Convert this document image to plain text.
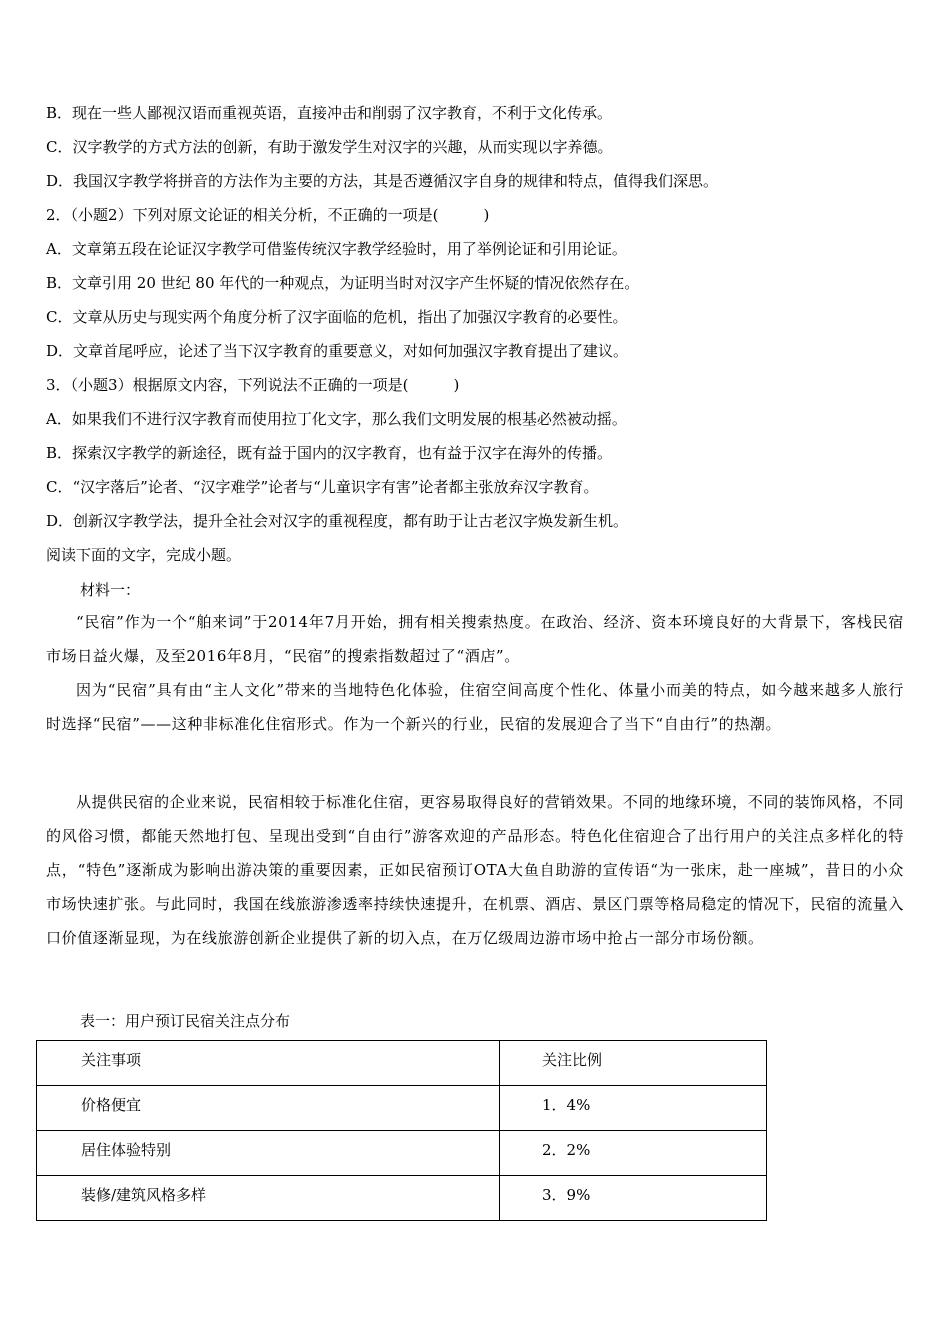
B．现在一些人鄙视汉语而重视英语，直接冲击和削弱了汉字教育，不利于文化传承。
C．汉字教学的方式方法的创新，有助于激发学生对汉字的兴趣，从而实现以字养德。
D．我国汉字教学将拼音的方法作为主要的方法，其是否遵循汉字自身的规律和特点，值得我们深思。
2．（小题2）下列对原文论证的相关分析，不正确的一项是(　　　)
A．文章第五段在论证汉字教学可借鉴传统汉字教学经验时，用了举例论证和引用论证。
B．文章引用 20 世纪 80 年代的一种观点，为证明当时对汉字产生怀疑的情况依然存在。
C．文章从历史与现实两个角度分析了汉字面临的危机，指出了加强汉字教育的必要性。
D．文章首尾呼应，论述了当下汉字教育的重要意义，对如何加强汉字教育提出了建议。
3．（小题3）根据原文内容，下列说法不正确的一项是(　　　)
A．如果我们不进行汉字教育而使用拉丁化文字，那么我们文明发展的根基必然被动摇。
B．探索汉字教学的新途径，既有益于国内的汉字教育，也有益于汉字在海外的传播。
C．“汉字落后”论者、“汉字难学”论者与“儿童识字有害”论者都主张放弃汉字教育。
D．创新汉字教学法，提升全社会对汉字的重视程度，都有助于让古老汉字焕发新生机。
阅读下面的文字，完成小题。
材料一：
“民宿”作为一个“舶来词”于2014年7月开始，拥有相关搜索热度。在政治、经济、资本环境良好的大背景下，客栈民宿市场日益火爆，及至2016年8月，“民宿”的搜索指数超过了“酒店”。
因为“民宿”具有由“主人文化”带来的当地特色化体验，住宿空间高度个性化、体量小而美的特点，如今越来越多人旅行时选择“民宿”——这种非标准化住宿形式。作为一个新兴的行业，民宿的发展迎合了当下“自由行”的热潮。
从提供民宿的企业来说，民宿相较于标准化住宿，更容易取得良好的营销效果。不同的地缘环境，不同的装饰风格，不同的风俗习惯，都能天然地打包、呈现出受到“自由行”游客欢迎的产品形态。特色化住宿迎合了出行用户的关注点多样化的特点，“特色”逐渐成为影响出游决策的重要因素，正如民宿预订OTA大鱼自助游的宣传语“为一张床，赴一座城”，昔日的小众市场快速扩张。与此同时，我国在线旅游渗透率持续快速提升，在机票、酒店、景区门票等格局稳定的情况下，民宿的流量入口价值逐渐显现，为在线旅游创新企业提供了新的切入点，在万亿级周边游市场中抢占一部分市场份额。
表一：用户预订民宿关注点分布
关注事项	关注比例
价格便宜	1．4%
居住体验特别	2．2%
装修/建筑风格多样	3．9%
